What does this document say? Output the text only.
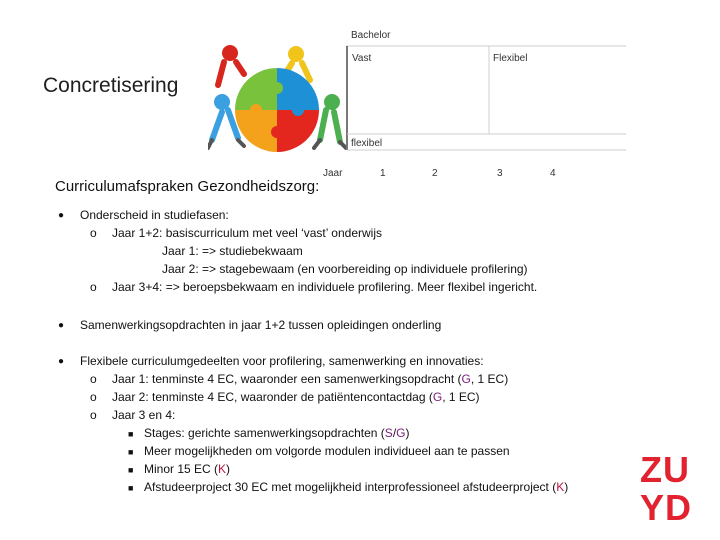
Concretisering
Bachelor
Vast	Flexibel
flexibel
Jaar	1	2	3	4
Curriculumafspraken Gezondheidszorg:
● Onderscheid in studiefasen:
o Jaar 1+2: basiscurriculum met veel ‘vast’ onderwijs
Jaar 1: => studiebekwaam
Jaar 2: => stagebewaam (en voorbereiding op individuele profilering)
o Jaar 3+4: => beroepsbekwaam en individuele profilering. Meer flexibel ingericht.
● Samenwerkingsopdrachten in jaar 1+2 tussen opleidingen onderling
● Flexibele curriculumgedeelten voor profilering, samenwerking en innovaties:
o Jaar 1: tenminste 4 EC, waaronder een samenwerkingsopdracht (G, 1 EC)
o Jaar 2: tenminste 4 EC, waaronder de patiëntencontactdag (G, 1 EC)
o Jaar 3 en 4:
■ Stages: gerichte samenwerkingsopdrachten (S/G)
■ Meer mogelijkheden om volgorde modulen individueel aan te passen
■ Minor 15 EC (K)
■ Afstudeerproject 30 EC met mogelijkheid interprofessioneel afstudeerproject (K) ZU
YD
